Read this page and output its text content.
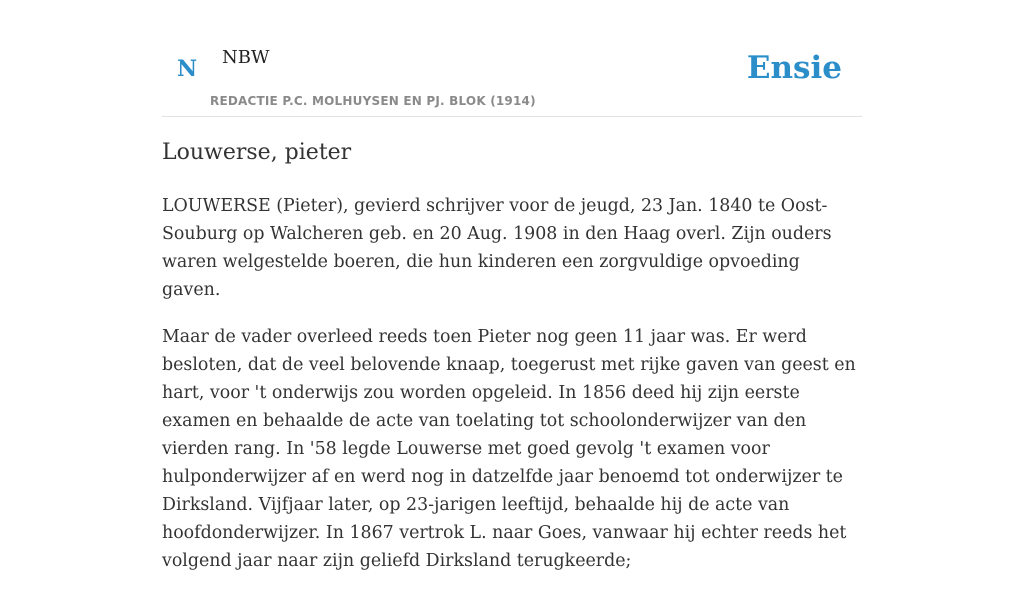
N NBW
REDACTIE P.C. MOLHUYSEN EN PJ. BLOK (1914)
Ensie
Louwerse, pieter

LOUWERSE (Pieter), gevierd schrijver voor de jeugd, 23 Jan. 1840 te Oost-Souburg op Walcheren geb. en 20 Aug. 1908 in den Haag overl. Zijn ouders waren welgestelde boeren, die hun kinderen een zorgvuldige opvoeding gaven.

Maar de vader overleed reeds toen Pieter nog geen 11 jaar was. Er werd besloten, dat de veel belovende knaap, toegerust met rijke gaven van geest en hart, voor 't onderwijs zou worden opgeleid. In 1856 deed hij zijn eerste examen en behaalde de acte van toelating tot schoolonderwijzer van den vierden rang. In '58 legde Louwerse met goed gevolg 't examen voor hulponderwijzer af en werd nog in datzelfde jaar benoemd tot onderwijzer te Dirksland. Vijfjaar later, op 23-jarigen leeftijd, behaalde hij de acte van hoofdonderwijzer. In 1867 vertrok L. naar Goes, vanwaar hij echter reeds het volgend jaar naar zijn geliefd Dirksland terugkeerde;
